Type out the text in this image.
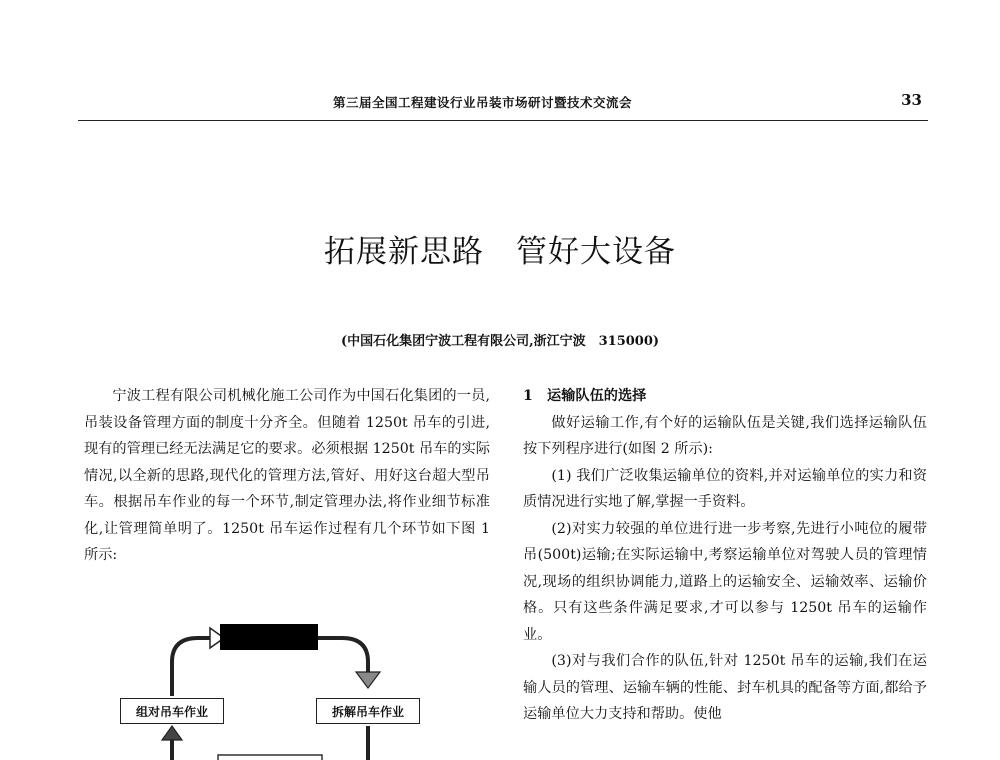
第三届全国工程建设行业吊装市场研讨暨技术交流会	33
拓展新思路　管好大设备
(中国石化集团宁波工程有限公司,浙江宁波　315000)

宁波工程有限公司机械化施工公司作为中国石化集团的一员,吊装设备管理方面的制度十分齐全。但随着 1250t 吊车的引进,现有的管理已经无法满足它的要求。必须根据 1250t 吊车的实际情况,以全新的思路,现代化的管理方法,管好、用好这台超大型吊车。根据吊车作业的每一个环节,制定管理办法,将作业细节标准化,让管理简单明了。1250t 吊车运作过程有几个环节如下图 1 所示:

组对吊车作业	拆解吊车作业

1　运输队伍的选择

做好运输工作,有个好的运输队伍是关键,我们选择运输队伍按下列程序进行(如图 2 所示):

(1) 我们广泛收集运输单位的资料,并对运输单位的实力和资质情况进行实地了解,掌握一手资料。

(2)对实力较强的单位进行进一步考察,先进行小吨位的履带吊(500t)运输;在实际运输中,考察运输单位对驾驶人员的管理情况,现场的组织协调能力,道路上的运输安全、运输效率、运输价格。只有这些条件满足要求,才可以参与 1250t 吊车的运输作业。

(3)对与我们合作的队伍,针对 1250t 吊车的运输,我们在运输人员的管理、运输车辆的性能、封车机具的配备等方面,都给予运输单位大力支持和帮助。使他
